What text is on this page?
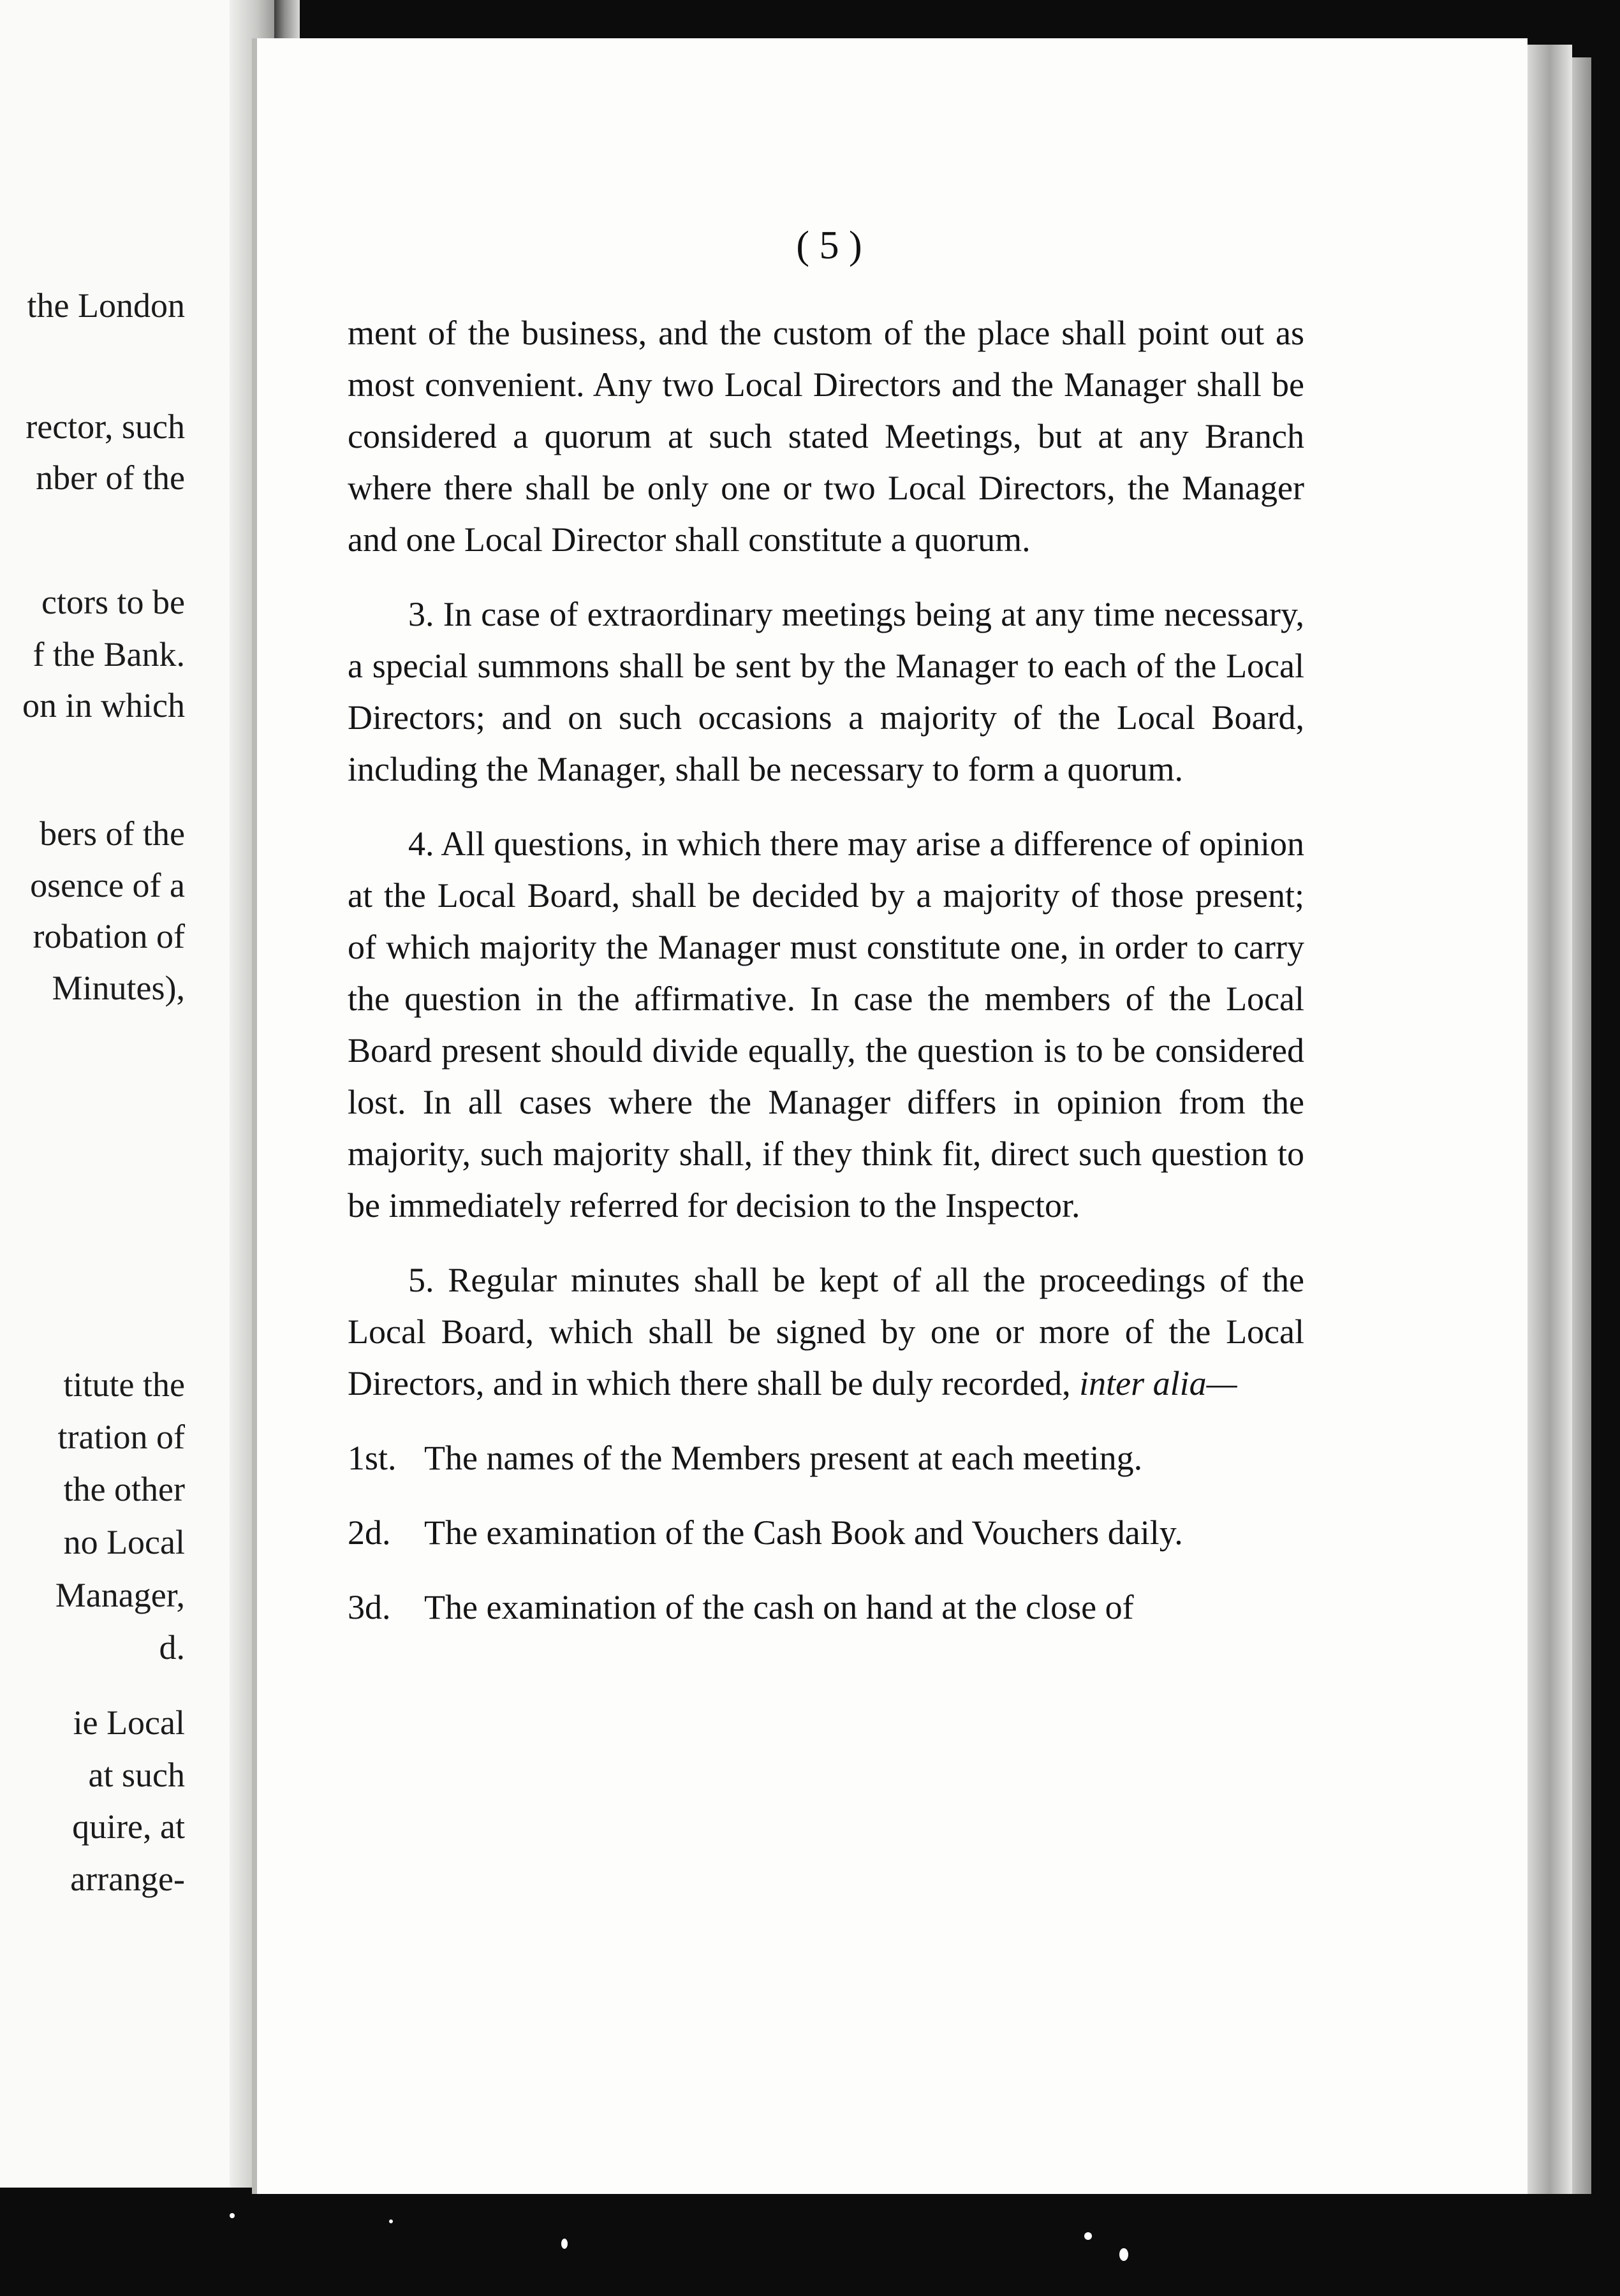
the London
rector, such
nber of the
ctors to be
f the Bank.
on in which
bers of the
osence of a
robation of
Minutes),
titute the
tration of
the other
no Local
Manager,
d.
ie Local
at such
quire, at
arrange-
( 5 )

ment of the business, and the custom of the place shall point out as most convenient. Any two Local Directors and the Manager shall be considered a quorum at such stated Meetings, but at any Branch where there shall be only one or two Local Directors, the Manager and one Local Director shall constitute a quorum.

3. In case of extraordinary meetings being at any time necessary, a special summons shall be sent by the Manager to each of the Local Directors; and on such occasions a majority of the Local Board, including the Manager, shall be necessary to form a quorum.

4. All questions, in which there may arise a difference of opinion at the Local Board, shall be decided by a majority of those present; of which majority the Manager must constitute one, in order to carry the question in the affirmative. In case the members of the Local Board present should divide equally, the question is to be considered lost. In all cases where the Manager differs in opinion from the majority, such majority shall, if they think fit, direct such question to be immediately referred for decision to the Inspector.

5. Regular minutes shall be kept of all the proceedings of the Local Board, which shall be signed by one or more of the Local Directors, and in which there shall be duly recorded, inter alia—

1st. The names of the Members present at each meeting.
2d. The examination of the Cash Book and Vouchers daily.
3d. The examination of the cash on hand at the close of
